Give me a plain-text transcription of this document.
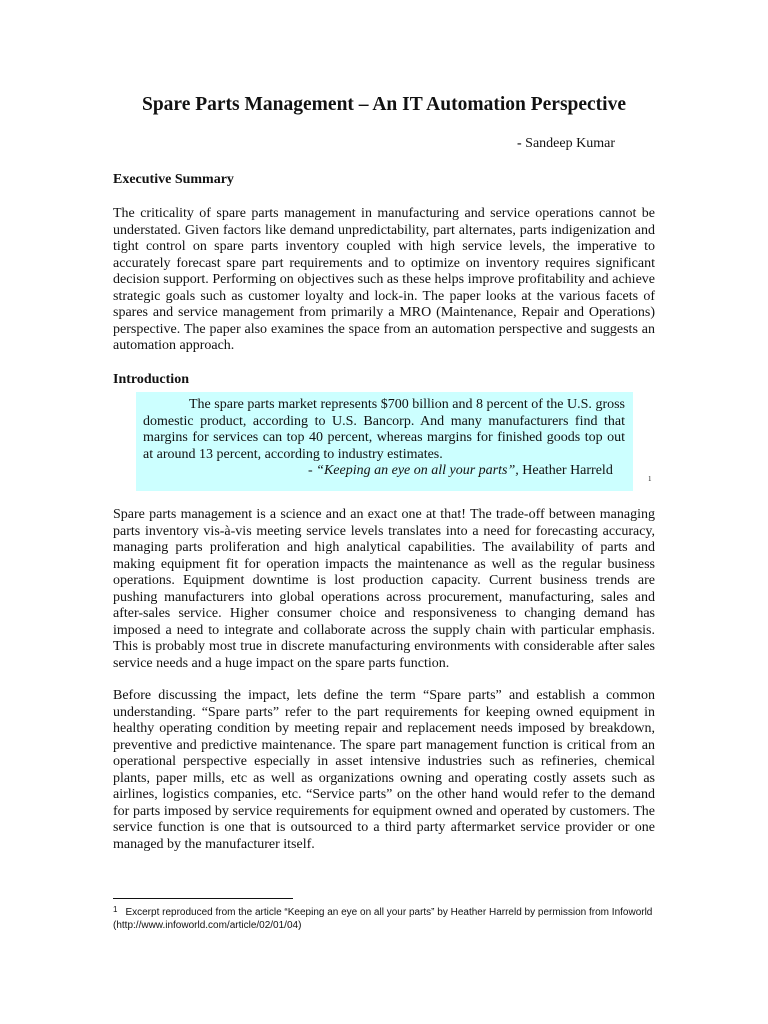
Spare Parts Management – An IT Automation Perspective
- Sandeep Kumar
Executive Summary
The criticality of spare parts management in manufacturing and service operations cannot be understated. Given factors like demand unpredictability, part alternates, parts indigenization and tight control on spare parts inventory coupled with high service levels, the imperative to accurately forecast spare part requirements and to optimize on inventory requires significant decision support. Performing on objectives such as these helps improve profitability and achieve strategic goals such as customer loyalty and lock-in. The paper looks at the various facets of spares and service management from primarily a MRO (Maintenance, Repair and Operations) perspective. The paper also examines the space from an automation perspective and suggests an automation approach.
Introduction
The spare parts market represents $700 billion and 8 percent of the U.S. gross domestic product, according to U.S. Bancorp. And many manufacturers find that margins for services can top 40 percent, whereas margins for finished goods top out at around 13 percent, according to industry estimates.
- “Keeping an eye on all your parts”, Heather Harreld
1
Spare parts management is a science and an exact one at that! The trade-off between managing parts inventory vis-à-vis meeting service levels translates into a need for forecasting accuracy, managing parts proliferation and high analytical capabilities. The availability of parts and making equipment fit for operation impacts the maintenance as well as the regular business operations. Equipment downtime is lost production capacity. Current business trends are pushing manufacturers into global operations across procurement, manufacturing, sales and after-sales service. Higher consumer choice and responsiveness to changing demand has imposed a need to integrate and collaborate across the supply chain with particular emphasis. This is probably most true in discrete manufacturing environments with considerable after sales service needs and a huge impact on the spare parts function.
Before discussing the impact, lets define the term “Spare parts” and establish a common understanding. “Spare parts” refer to the part requirements for keeping owned equipment in healthy operating condition by meeting repair and replacement needs imposed by breakdown, preventive and predictive maintenance. The spare part management function is critical from an operational perspective especially in asset intensive industries such as refineries, chemical plants, paper mills, etc as well as organizations owning and operating costly assets such as airlines, logistics companies, etc. “Service parts” on the other hand would refer to the demand for parts imposed by service requirements for equipment owned and operated by customers. The service function is one that is outsourced to a third party aftermarket service provider or one managed by the manufacturer itself.
$^1$ Excerpt reproduced from the article “Keeping an eye on all your parts” by Heather Harreld by permission from Infoworld (http://www.infoworld.com/article/02/01/04)
